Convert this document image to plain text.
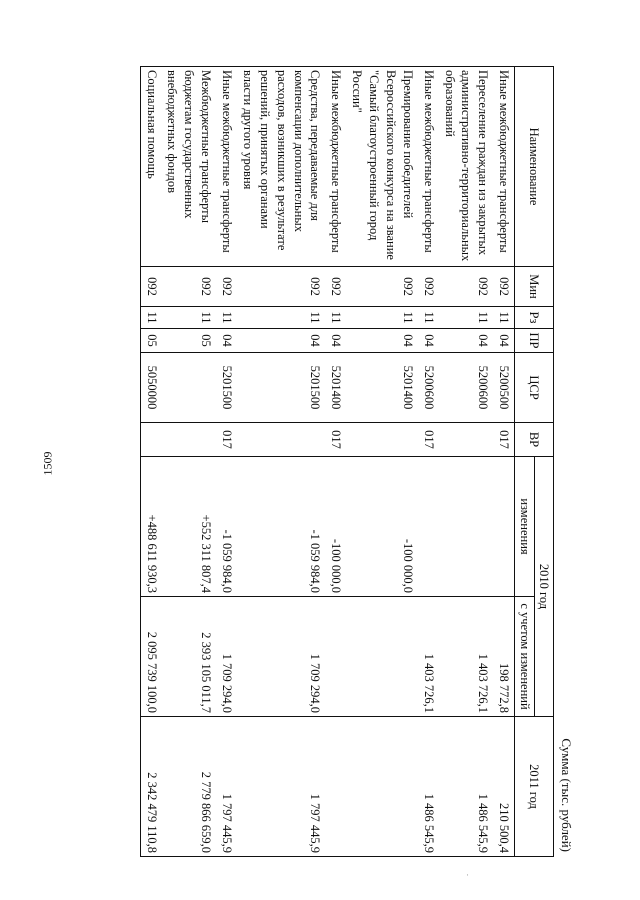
1509
·
Сумма (тыс. рублей)
Наименование	Мин	Рз	ПР	ЦСР	ВР	2010 год		2011 год
						изменения	с учетом изменений	
Иные межбюджетные трансферты	092	11	04	5200500	017		198 772,8	210 500,4
Переселение граждан из закрытых административно-территориальных образований	092	11	04	5200600			1 403 726,1	1 486 545,9
Иные межбюджетные трансферты	092	11	04	5200600	017		1 403 726,1	1 486 545,9
Премирование победителей Всероссийского конкурса на звание "Самый благоустроенный город России"	092	11	04	5201400		-100 000,0		
Иные межбюджетные трансферты	092	11	04	5201400	017	-100 000,0		
Средства, передаваемые для компенсации дополнительных расходов, возникших в результате решений, принятых органами власти другого уровня	092	11	04	5201500		-1 059 984,0	1 709 294,0	1 797 445,9
Иные межбюджетные трансферты	092	11	04	5201500	017	-1 059 984,0	1 709 294,0	1 797 445,9
Межбюджетные трансферты бюджетам государственных внебюджетных фондов	092	11	05			+552 311 807,4	2 393 105 011,7	2 779 866 659,0
Социальная помощь	092	11	05	5050000		+488 611 930,3	2 095 739 100,0	2 342 479 110,8
